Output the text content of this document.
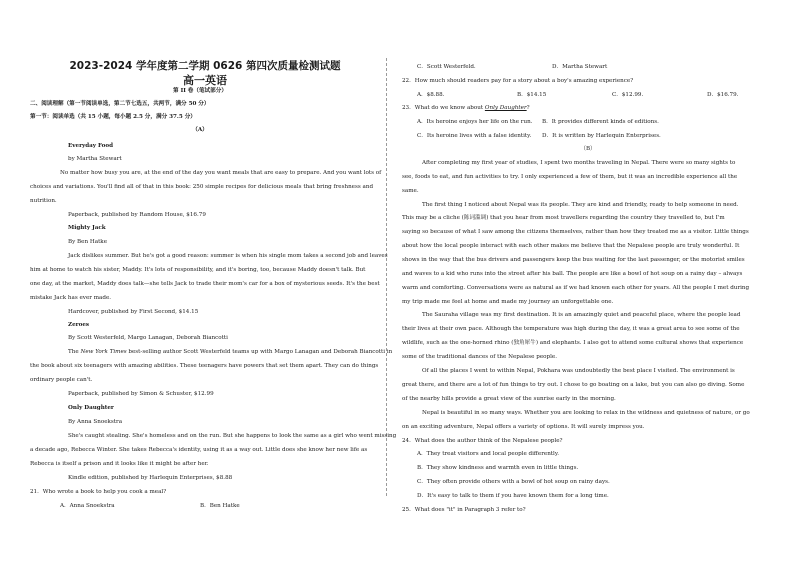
2023-2024 学年度第二学期 0626 第四次质量检测试题
高一英语
第 II 卷（笔试部分）
二、阅读理解（第一节阅读单选，第二节七选五，共两节，满分 50 分）
第一节：阅读单选（共 15 小题，每小题 2.5 分，满分 37.5 分）
（A）
Everyday Food
by Martha Stewart
No matter how busy you are, at the end of the day you want meals that are easy to prepare. And you want lots of
choices and variations. You'll find all of that in this book: 250 simple recipes for delicious meals that bring freshness and
nutrition.
Paperback, published by Random House, $16.79
Mighty Jack
By Ben Hatke
Jack dislikes summer. But he's got a good reason: summer is when his single mom takes a second job and leaves
him at home to watch his sister, Maddy. It's lots of responsibility, and it's boring, too, because Maddy doesn't talk. But
one day, at the market, Maddy does talk—she tells Jack to trade their mom's car for a box of mysterious seeds. It's the best
mistake Jack has ever made.
Hardcover, published by First Second, $14.15
Zeroes
By Scott Westerfeld, Margo Lanagan, Deborah Biancotti
The New York Times best-selling author Scott Westerfeld teams up with Margo Lanagan and Deborah Biancotti in
the book about six teenagers with amazing abilities. These teenagers have powers that set them apart. They can do things
ordinary people can't.
Paperback, published by Simon & Schuster, $12.99
Only Daughter
By Anna Snoekstra
She's caught stealing. She's homeless and on the run. But she happens to look the same as a girl who went missing
a decade ago, Rebecca Winter. She takes Rebecca's identity, using it as a way out. Little does she know her new life as
Rebecca is itself a prison and it looks like it might be after her.
Kindle edition, published by Harlequin Enterprises, $8.88
21．Who wrote a book to help you cook a meal?
A．Anna Snoekstra	B．Ben Hatke
C．Scott Westerfeld.	D．Martha Stewart
22．How much should readers pay for a story about a boy's amazing experience?
A．$8.88.	B．$14.15	C．$12.99.	D．$16.79.
23．What do we know about Only Daughter?
A．Its heroine enjoys her life on the run. B．It provides different kinds of editions.
C．Its heroine lives with a false identity. D．It is written by Harlequin Enterprises.
（B）
After completing my first year of studies, I spent two months traveling in Nepal. There were so many sights to
see, foods to eat, and fun activities to try. I only experienced a few of them, but it was an incredible experience all the
same.
The first thing I noticed about Nepal was its people. They are kind and friendly, ready to help someone in need.
This may be a cliche (陈词滥调) that you hear from most travellers regarding the country they travelled to, but I'm
saying so because of what I saw among the citizens themselves, rather than how they treated me as a visitor. Little things
about how the local people interact with each other makes me believe that the Nepalese people are truly wonderful. It
shows in the way that the bus drivers and passengers keep the bus waiting for the last passenger, or the motorist smiles
and waves to a kid who runs into the street after his ball. The people are like a bowl of hot soup on a rainy day – always
warm and comforting. Conversations were as natural as if we had known each other for years. All the people I met during
my trip made me feel at home and made my journey an unforgettable one.
The Sauraha village was my first destination. It is an amazingly quiet and peaceful place, where the people lead
their lives at their own pace. Although the temperature was high during the day, it was a great area to see some of the
wildlife, such as the one-horned rhino (独角犀牛) and elephants. I also got to attend some cultural shows that experience
some of the traditional dances of the Nepalese people.
Of all the places I went to within Nepal, Pokhara was undoubtedly the best place I visited. The environment is
great there, and there are a lot of fun things to try out. I chose to go boating on a lake, but you can also go diving. Some
of the nearby hills provide a great view of the sunrise early in the morning.
Nepal is beautiful in so many ways. Whether you are looking to relax in the wildness and quietness of nature, or go
on an exciting adventure, Nepal offers a variety of options. It will surely impress you.
24．What does the author think of the Nepalese people?
A．They treat visitors and local people differently.
B．They show kindness and warmth even in little things.
C．They often provide others with a bowl of hot soup on rainy days.
D．It's easy to talk to them if you have known them for a long time.
25．What does "it" in Paragraph 3 refer to?
